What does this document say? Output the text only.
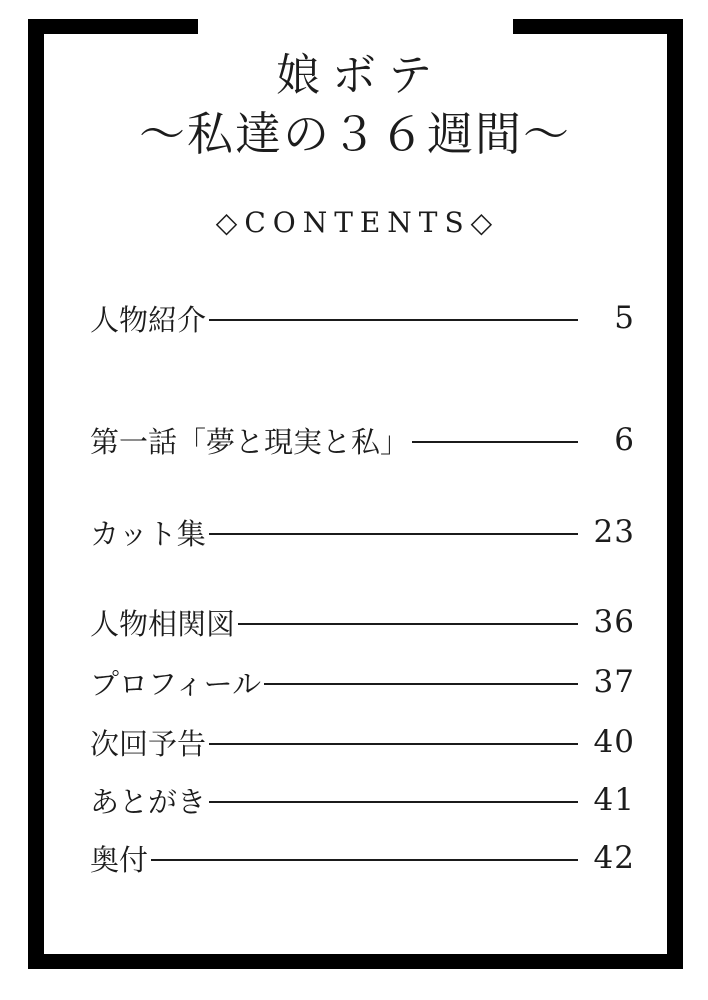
娘ボテ
～私達の３６週間～
◇CONTENTS◇
人物紹介	5
第一話「夢と現実と私」	6
カット集	23
人物相関図	36
プロフィール	37
次回予告	40
あとがき	41
奥付	42
